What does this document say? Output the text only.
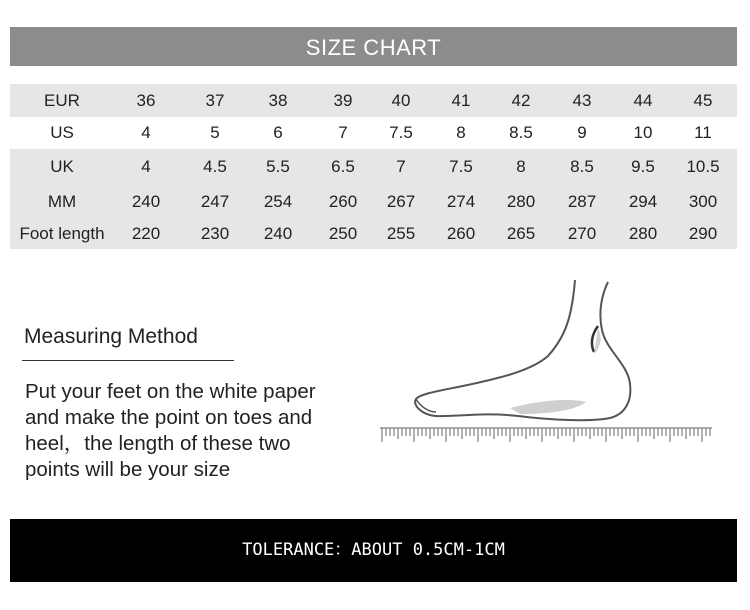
SIZE CHART
EUR	36	37	38	39	40	41	42	43	44	45
US	4	5	6	7	7.5	8	8.5	9	10	11
UK	4	4.5	5.5	6.5	7	7.5	8	8.5	9.5	10.5
MM	240	247	254	260	267	274	280	287	294	300
Foot length	220	230	240	250	255	260	265	270	280	290
Measuring Method
Put your feet on the white paper
and make the point on toes and
heel，the length of these two
points will be your size
TOLERANCE：ABOUT 0.5CM-1CM
